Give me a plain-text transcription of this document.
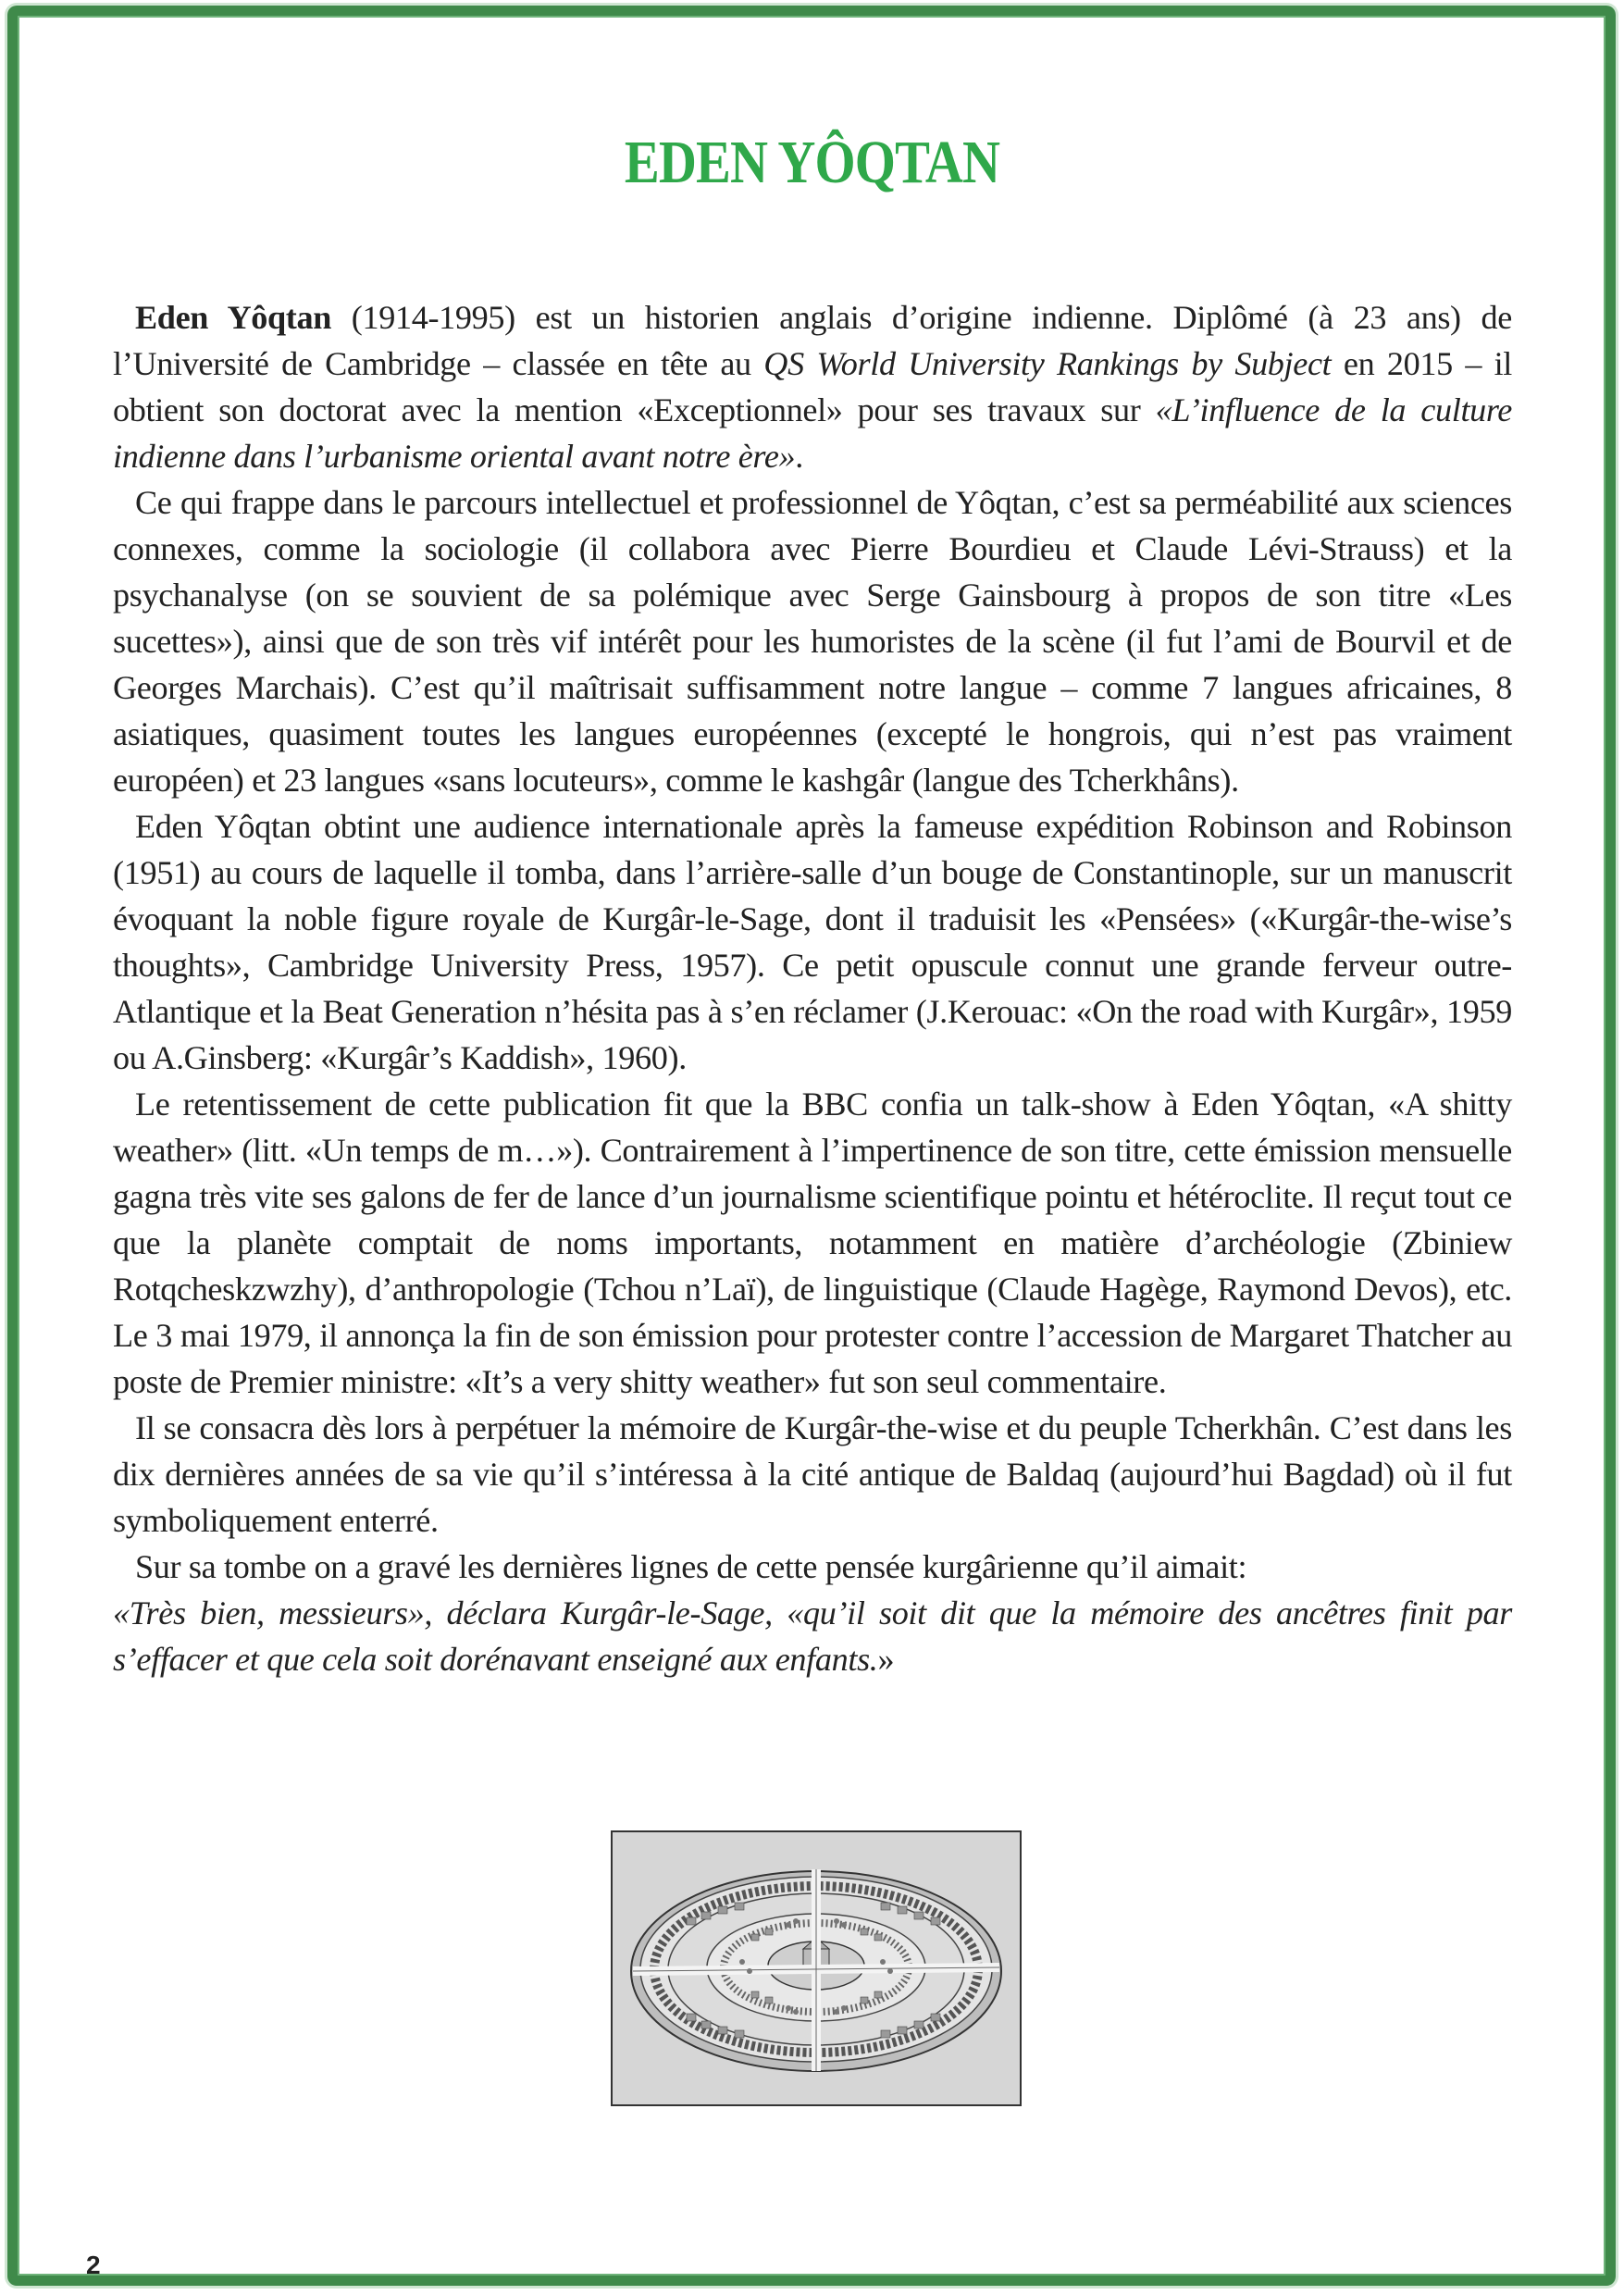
EDEN YÔQTAN

Eden Yôqtan (1914-1995) est un historien anglais d’origine indienne. Diplômé (à 23 ans) de l’Université de Cambridge – classée en tête au QS World University Rankings by Subject en 2015 – il obtient son doctorat avec la mention «Exceptionnel» pour ses travaux sur «L’influence de la culture indienne dans l’urbanisme oriental avant notre ère».

Ce qui frappe dans le parcours intellectuel et professionnel de Yôqtan, c’est sa perméabilité aux sciences connexes, comme la sociologie (il collabora avec Pierre Bourdieu et Claude Lévi-Strauss) et la psychanalyse (on se souvient de sa polémique avec Serge Gainsbourg à propos de son titre «Les sucettes»), ainsi que de son très vif intérêt pour les humoristes de la scène (il fut l’ami de Bourvil et de Georges Marchais). C’est qu’il maîtrisait suffisamment notre langue – comme 7 langues africaines, 8 asiatiques, quasiment toutes les langues européennes (excepté le hongrois, qui n’est pas vraiment européen) et 23 langues «sans locuteurs», comme le kashgâr (langue des Tcherkhâns).

Eden Yôqtan obtint une audience internationale après la fameuse expédition Robinson and Robinson (1951) au cours de laquelle il tomba, dans l’arrière-salle d’un bouge de Constantinople, sur un manuscrit évoquant la noble figure royale de Kurgâr-le-Sage, dont il traduisit les «Pensées» («Kurgâr-the-wise’s thoughts», Cambridge University Press, 1957). Ce petit opuscule connut une grande ferveur outre-Atlantique et la Beat Generation n’hésita pas à s’en réclamer (J.Kerouac: «On the road with Kurgâr», 1959 ou A.Ginsberg: «Kurgâr’s Kaddish», 1960).

Le retentissement de cette publication fit que la BBC confia un talk-show à Eden Yôqtan, «A shitty weather» (litt. «Un temps de m…»). Contrairement à l’impertinence de son titre, cette émission mensuelle gagna très vite ses galons de fer de lance d’un journalisme scientifique pointu et hétéroclite. Il reçut tout ce que la planète comptait de noms importants, notamment en matière d’archéologie (Zbiniew Rotqcheskzwzhy), d’anthropologie (Tchou n’Laï), de linguistique (Claude Hagège, Raymond Devos), etc. Le 3 mai 1979, il annonça la fin de son émission pour protester contre l’accession de Margaret Thatcher au poste de Premier ministre: «It’s a very shitty weather» fut son seul commentaire.

Il se consacra dès lors à perpétuer la mémoire de Kurgâr-the-wise et du peuple Tcherkhân. C’est dans les dix dernières années de sa vie qu’il s’intéressa à la cité antique de Baldaq (aujourd’hui Bagdad) où il fut symboliquement enterré.

Sur sa tombe on a gravé les dernières lignes de cette pensée kurgârienne qu’il aimait:

«Très bien, messieurs», déclara Kurgâr-le-Sage, «qu’il soit dit que la mémoire des ancêtres finit par s’effacer et que cela soit dorénavant enseigné aux enfants.»

2
